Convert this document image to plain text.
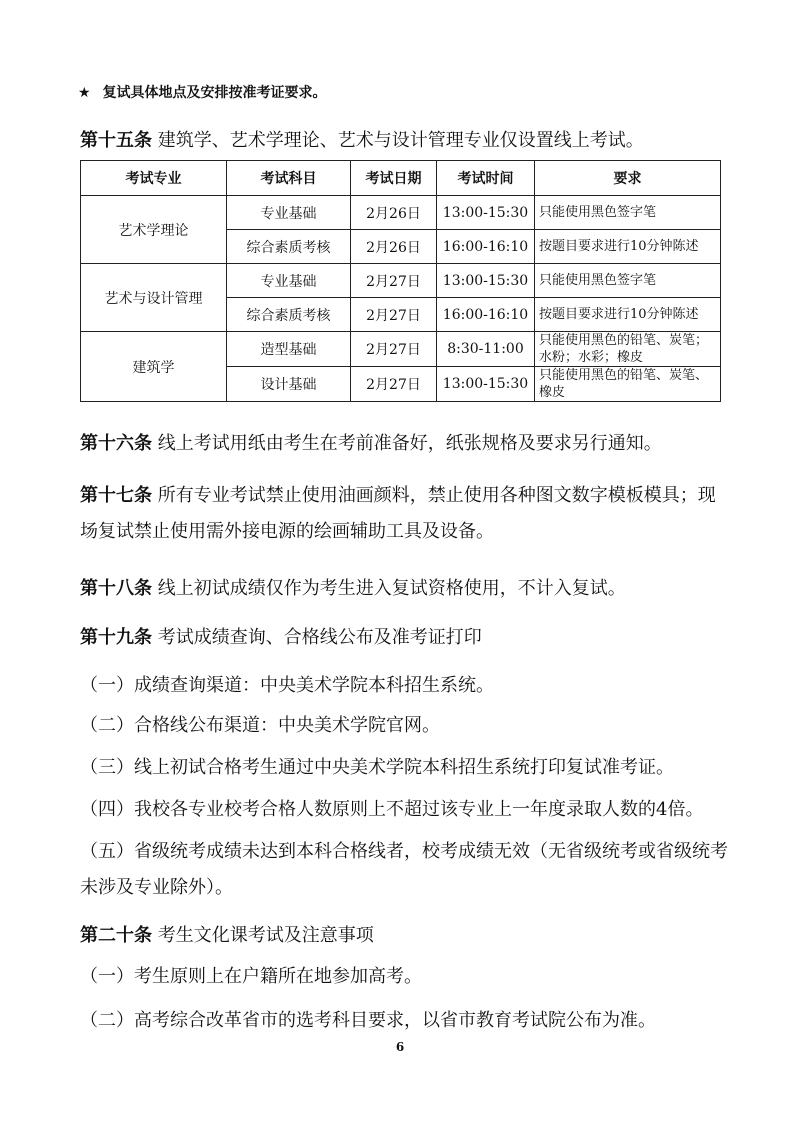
★ 复试具体地点及安排按准考证要求。
第十五条 建筑学、艺术学理论、艺术与设计管理专业仅设置线上考试。
考试专业	考试科目	考试日期	考试时间	要求
艺术学理论	专业基础	2月26日	13:00-15:30	只能使用黑色签字笔
	综合素质考核	2月26日	16:00-16:10	按题目要求进行10分钟陈述
艺术与设计管理	专业基础	2月27日	13:00-15:30	只能使用黑色签字笔
	综合素质考核	2月27日	16:00-16:10	按题目要求进行10分钟陈述
建筑学	造型基础	2月27日	8:30-11:00	只能使用黑色的铅笔、炭笔；水粉；水彩；橡皮
	设计基础	2月27日	13:00-15:30	只能使用黑色的铅笔、炭笔、橡皮
第十六条 线上考试用纸由考生在考前准备好，纸张规格及要求另行通知。
第十七条 所有专业考试禁止使用油画颜料，禁止使用各种图文数字模板模具；现场复试禁止使用需外接电源的绘画辅助工具及设备。
第十八条 线上初试成绩仅作为考生进入复试资格使用，不计入复试。
第十九条 考试成绩查询、合格线公布及准考证打印
（一）成绩查询渠道：中央美术学院本科招生系统。
（二）合格线公布渠道：中央美术学院官网。
（三）线上初试合格考生通过中央美术学院本科招生系统打印复试准考证。
（四）我校各专业校考合格人数原则上不超过该专业上一年度录取人数的4倍。
（五）省级统考成绩未达到本科合格线者，校考成绩无效（无省级统考或省级统考未涉及专业除外）。
第二十条 考生文化课考试及注意事项
（一）考生原则上在户籍所在地参加高考。
（二）高考综合改革省市的选考科目要求，以省市教育考试院公布为准。
6
